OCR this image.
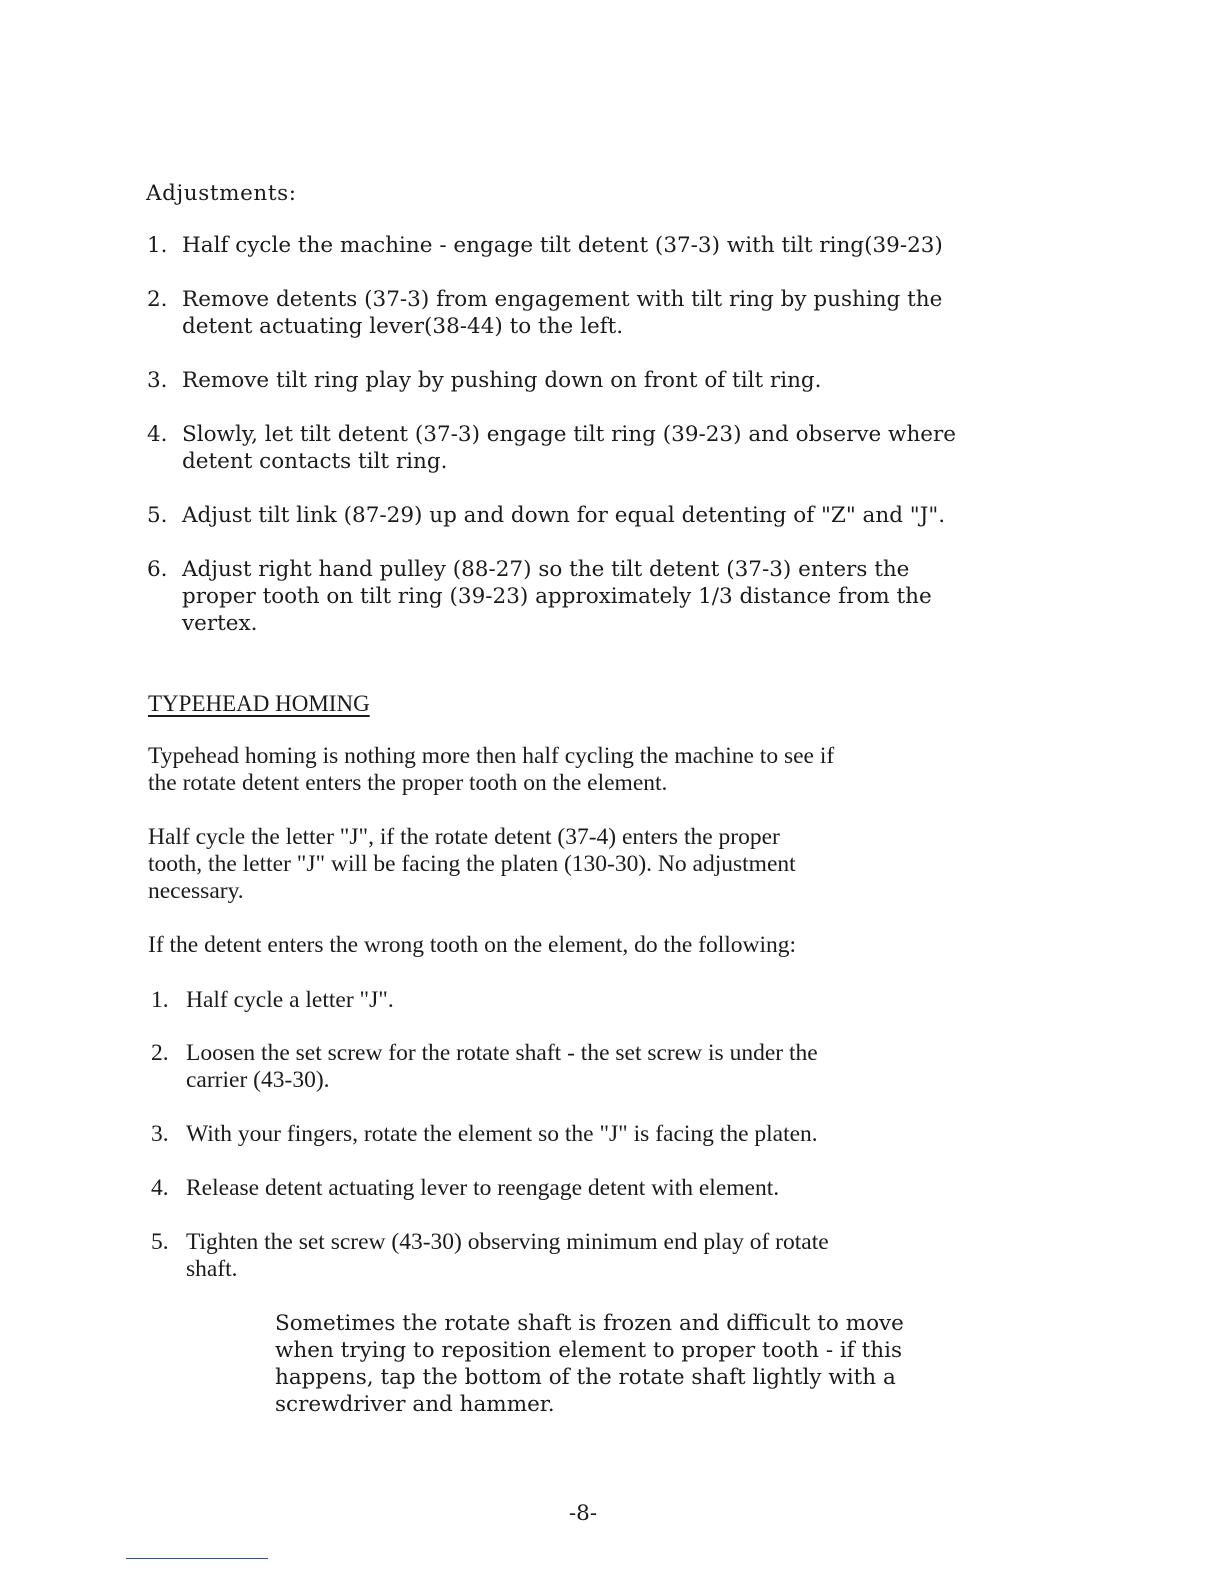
Adjustments:
1. Half cycle the machine - engage tilt detent (37-3) with tilt ring(39-23)
2. Remove detents (37-3) from engagement with tilt ring by pushing the
detent actuating lever(38-44) to the left.
3. Remove tilt ring play by pushing down on front of tilt ring.
4. Slowly, let tilt detent (37-3) engage tilt ring (39-23) and observe where
detent contacts tilt ring.
5. Adjust tilt link (87-29) up and down for equal detenting of "Z" and "J".
6. Adjust right hand pulley (88-27) so the tilt detent (37-3) enters the
proper tooth on tilt ring (39-23) approximately 1/3 distance from the
vertex.
TYPEHEAD HOMING
Typehead homing is nothing more then half cycling the machine to see if
the rotate detent enters the proper tooth on the element.
Half cycle the letter "J", if the rotate detent (37-4) enters the proper
tooth, the letter "J" will be facing the platen (130-30). No adjustment
necessary.
If the detent enters the wrong tooth on the element, do the following:
1. Half cycle a letter "J".
2. Loosen the set screw for the rotate shaft - the set screw is under the
carrier (43-30).
3. With your fingers, rotate the element so the "J" is facing the platen.
4. Release detent actuating lever to reengage detent with element.
5. Tighten the set screw (43-30) observing minimum end play of rotate
shaft.
Sometimes the rotate shaft is frozen and difficult to move
when trying to reposition element to proper tooth - if this
happens, tap the bottom of the rotate shaft lightly with a
screwdriver and hammer.
-8-
